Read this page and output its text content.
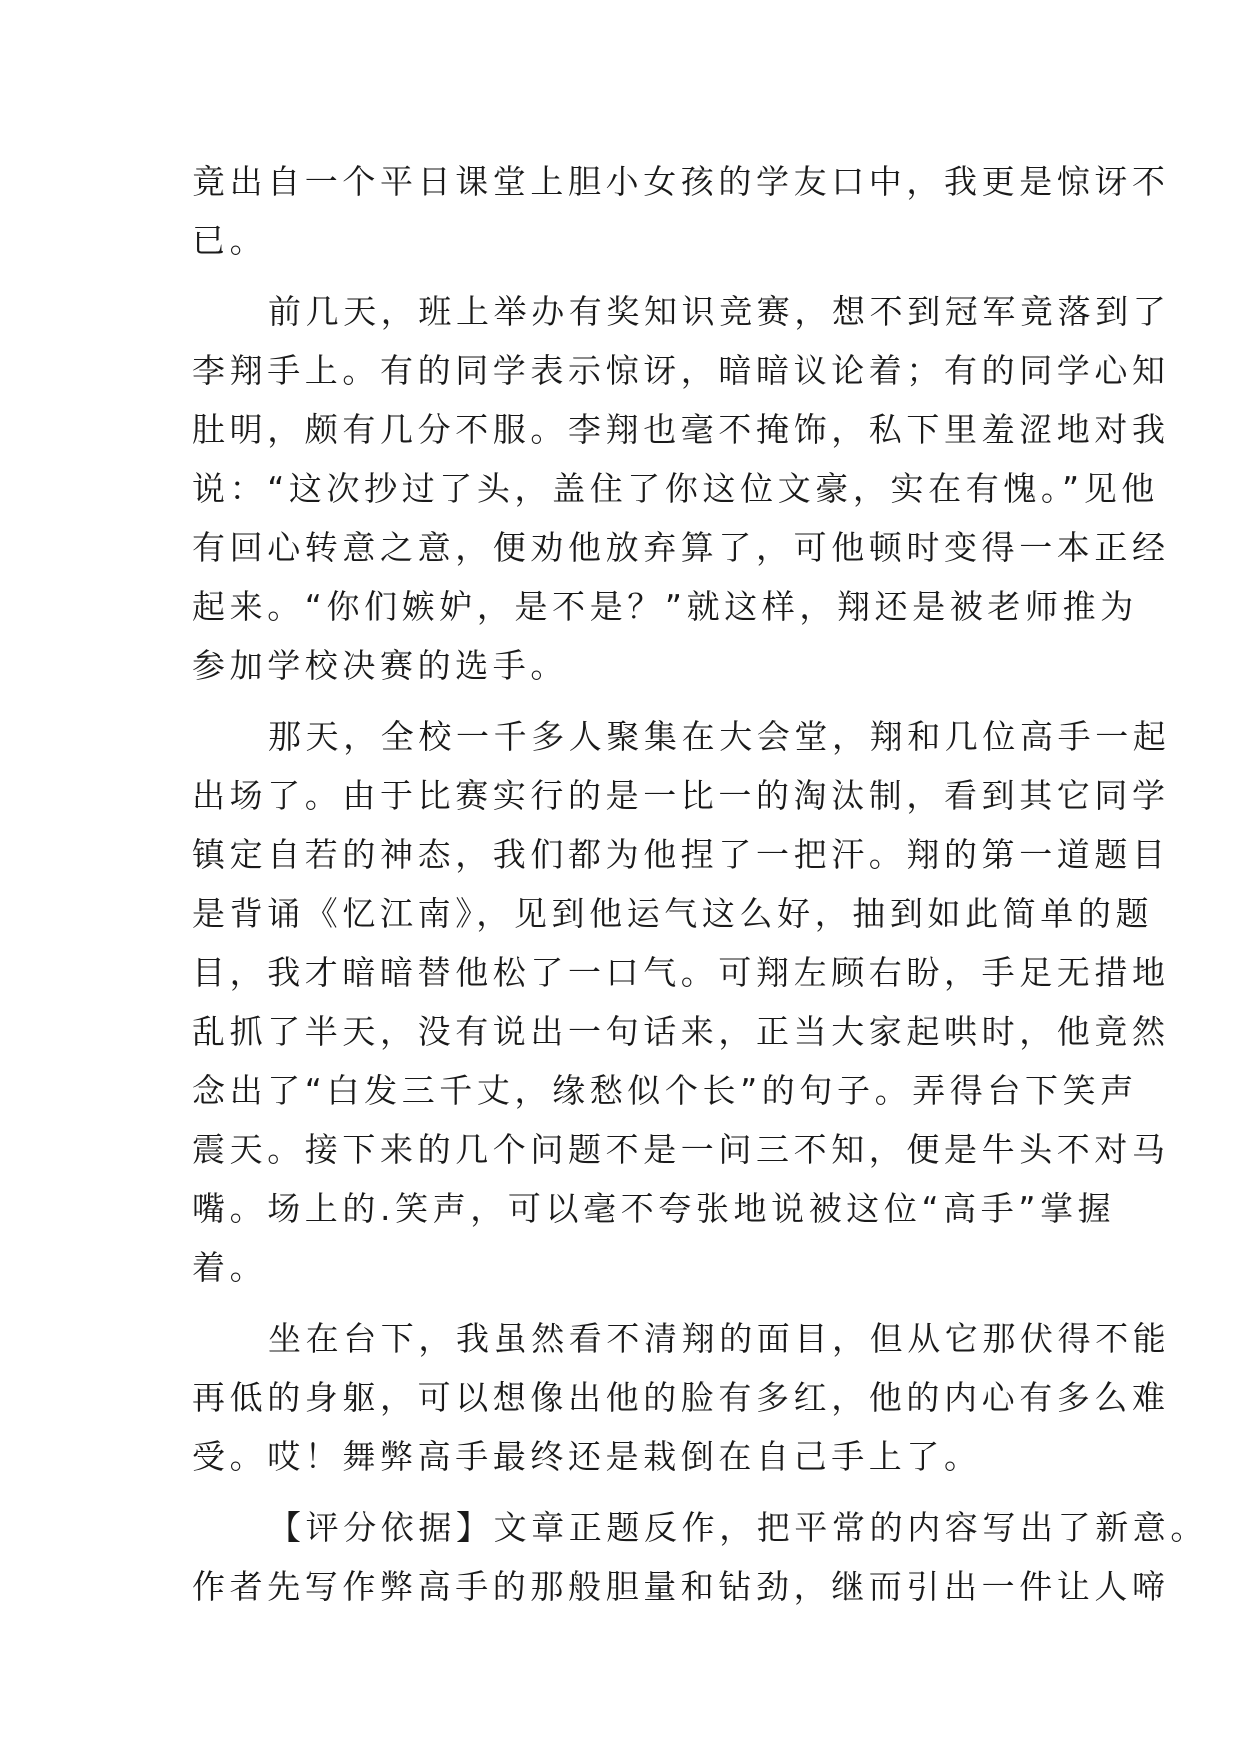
竟出自一个平日课堂上胆小女孩的学友口中，我更是惊讶不
已。
前几天，班上举办有奖知识竞赛，想不到冠军竟落到了
李翔手上。有的同学表示惊讶，暗暗议论着；有的同学心知
肚明，颇有几分不服。李翔也毫不掩饰，私下里羞涩地对我
说：“这次抄过了头，盖住了你这位文豪，实在有愧。”见他
有回心转意之意，便劝他放弃算了，可他顿时变得一本正经
起来。“你们嫉妒，是不是？”就这样，翔还是被老师推为
参加学校决赛的选手。
那天，全校一千多人聚集在大会堂，翔和几位高手一起
出场了。由于比赛实行的是一比一的淘汰制，看到其它同学
镇定自若的神态，我们都为他捏了一把汗。翔的第一道题目
是背诵《忆江南》，见到他运气这么好，抽到如此简单的题
目，我才暗暗替他松了一口气。可翔左顾右盼，手足无措地
乱抓了半天，没有说出一句话来，正当大家起哄时，他竟然
念出了“白发三千丈，缘愁似个长”的句子。弄得台下笑声
震天。接下来的几个问题不是一问三不知，便是牛头不对马
嘴。场上的.笑声，可以毫不夸张地说被这位“高手”掌握
着。
坐在台下，我虽然看不清翔的面目，但从它那伏得不能
再低的身躯，可以想像出他的脸有多红，他的内心有多么难
受。哎！舞弊高手最终还是栽倒在自己手上了。
【评分依据】文章正题反作，把平常的内容写出了新意。
作者先写作弊高手的那般胆量和钻劲，继而引出一件让人啼
